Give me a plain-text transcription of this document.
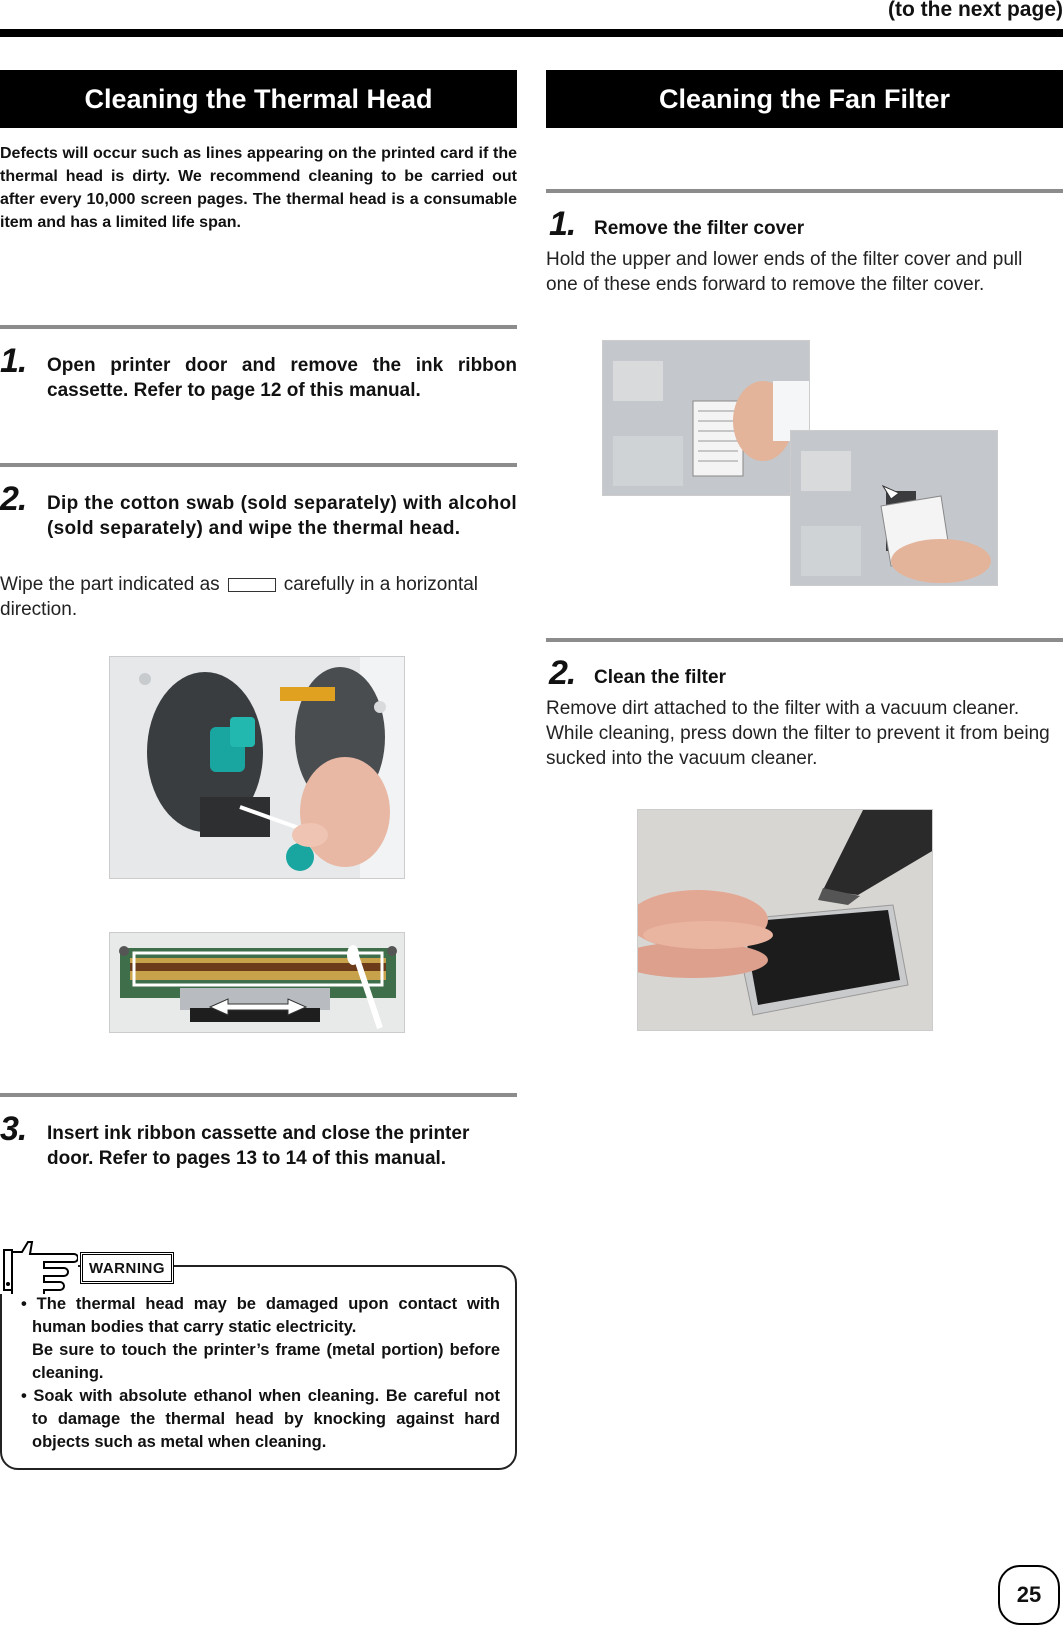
(to the next page)
Cleaning the Thermal Head
Defects will occur such as lines appearing on the printed card if the thermal head is dirty. We recommend cleaning to be carried out after every 10,000 screen pages. The thermal head is a consumable item and has a limited life span.
1. Open printer door and remove the ink ribbon cassette. Refer to page 12 of this manual.
2. Dip the cotton swab (sold separately) with alcohol (sold separately) and wipe the thermal head.
Wipe the part indicated as	carefully in a horizontal direction.
3. Insert ink ribbon cassette and close the printer door. Refer to pages 13 to 14 of this manual.
WARNING

• The thermal head may be damaged upon contact with human bodies that carry static electricity.

Be sure to touch the printer’s frame (metal portion) before cleaning.

• Soak with absolute ethanol when cleaning. Be careful not to damage the thermal head by knocking against hard objects such as metal when cleaning.

Cleaning the Fan Filter
1. Remove the filter cover
Hold the upper and lower ends of the filter cover and pull one of these ends forward to remove the filter cover.
2. Clean the filter
Remove dirt attached to the filter with a vacuum cleaner. While cleaning, press down the filter to prevent it from being sucked into the vacuum cleaner.
25
